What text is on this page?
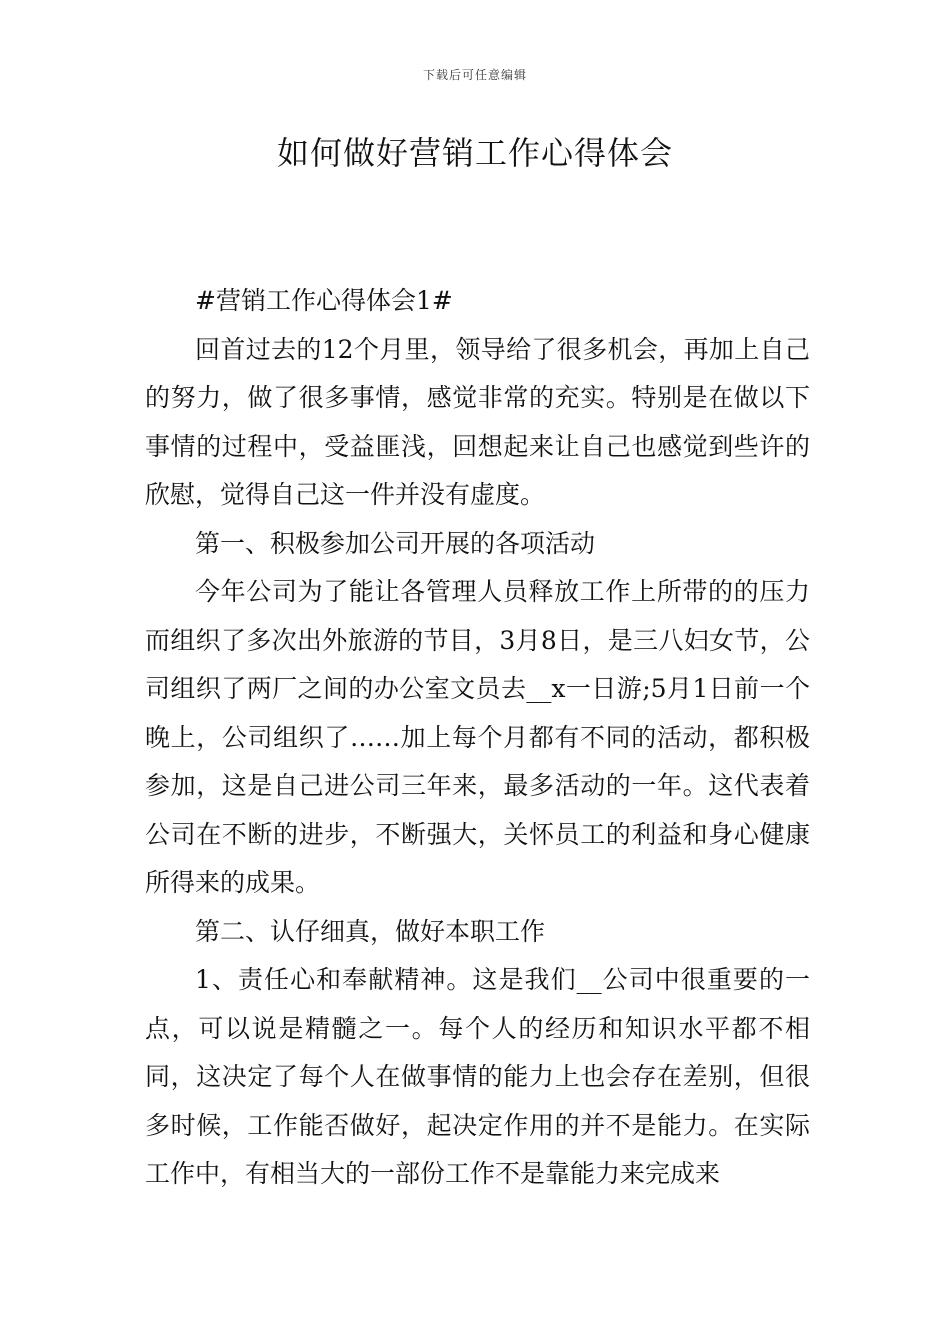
下载后可任意编辑
如何做好营销工作心得体会

#营销工作心得体会1#

回首过去的12个月里，领导给了很多机会，再加上自己的努力，做了很多事情，感觉非常的充实。特别是在做以下事情的过程中，受益匪浅，回想起来让自己也感觉到些许的欣慰，觉得自己这一件并没有虚度。

第一、积极参加公司开展的各项活动

今年公司为了能让各管理人员释放工作上所带的的压力而组织了多次出外旅游的节目，3月8日，是三八妇女节，公司组织了两厂之间的办公室文员去__x一日游;5月1日前一个晚上，公司组织了……加上每个月都有不同的活动，都积极参加，这是自己进公司三年来，最多活动的一年。这代表着公司在不断的进步，不断强大，关怀员工的利益和身心健康所得来的成果。

第二、认仔细真，做好本职工作

1、责任心和奉献精神。这是我们__公司中很重要的一点，可以说是精髓之一。每个人的经历和知识水平都不相同，这决定了每个人在做事情的能力上也会存在差别，但很多时候，工作能否做好，起决定作用的并不是能力。在实际工作中，有相当大的一部份工作不是靠能力来完成来
